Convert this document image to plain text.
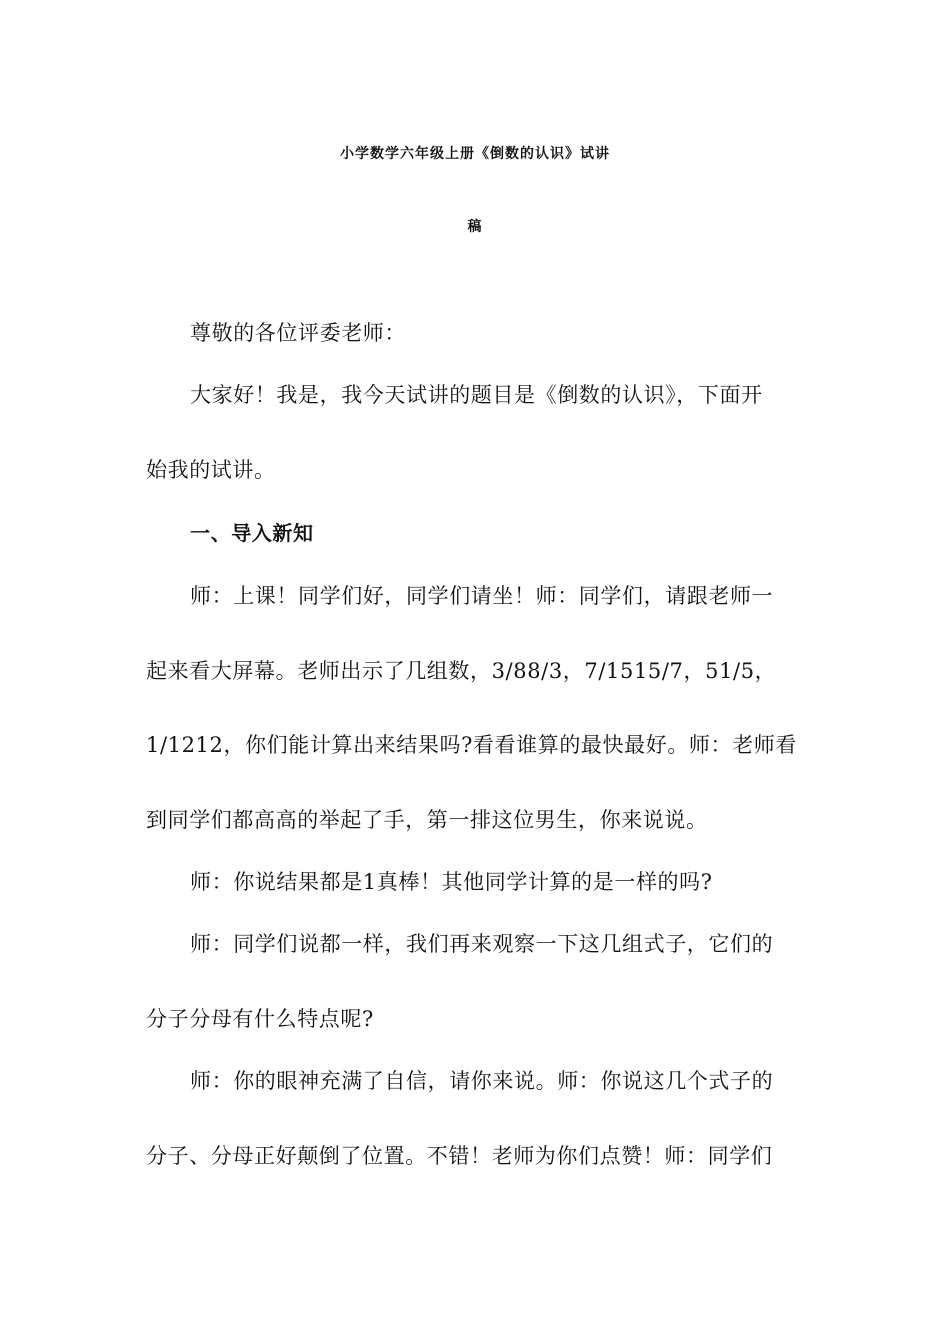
小学数学六年级上册《倒数的认识》试讲
稿
尊敬的各位评委老师：
大家好！我是，我今天试讲的题目是《倒数的认识》，下面开
始我的试讲。
一、导入新知
师：上课！同学们好，同学们请坐！师：同学们，请跟老师一
起来看大屏幕。老师出示了几组数，3/88/3，7/1515/7，51/5，
1/1212，你们能计算出来结果吗?看看谁算的最快最好。师：老师看
到同学们都高高的举起了手，第一排这位男生，你来说说。
师：你说结果都是1真棒！其他同学计算的是一样的吗?
师：同学们说都一样，我们再来观察一下这几组式子，它们的
分子分母有什么特点呢?
师：你的眼神充满了自信，请你来说。师：你说这几个式子的
分子、分母正好颠倒了位置。不错！老师为你们点赞！师：同学们
